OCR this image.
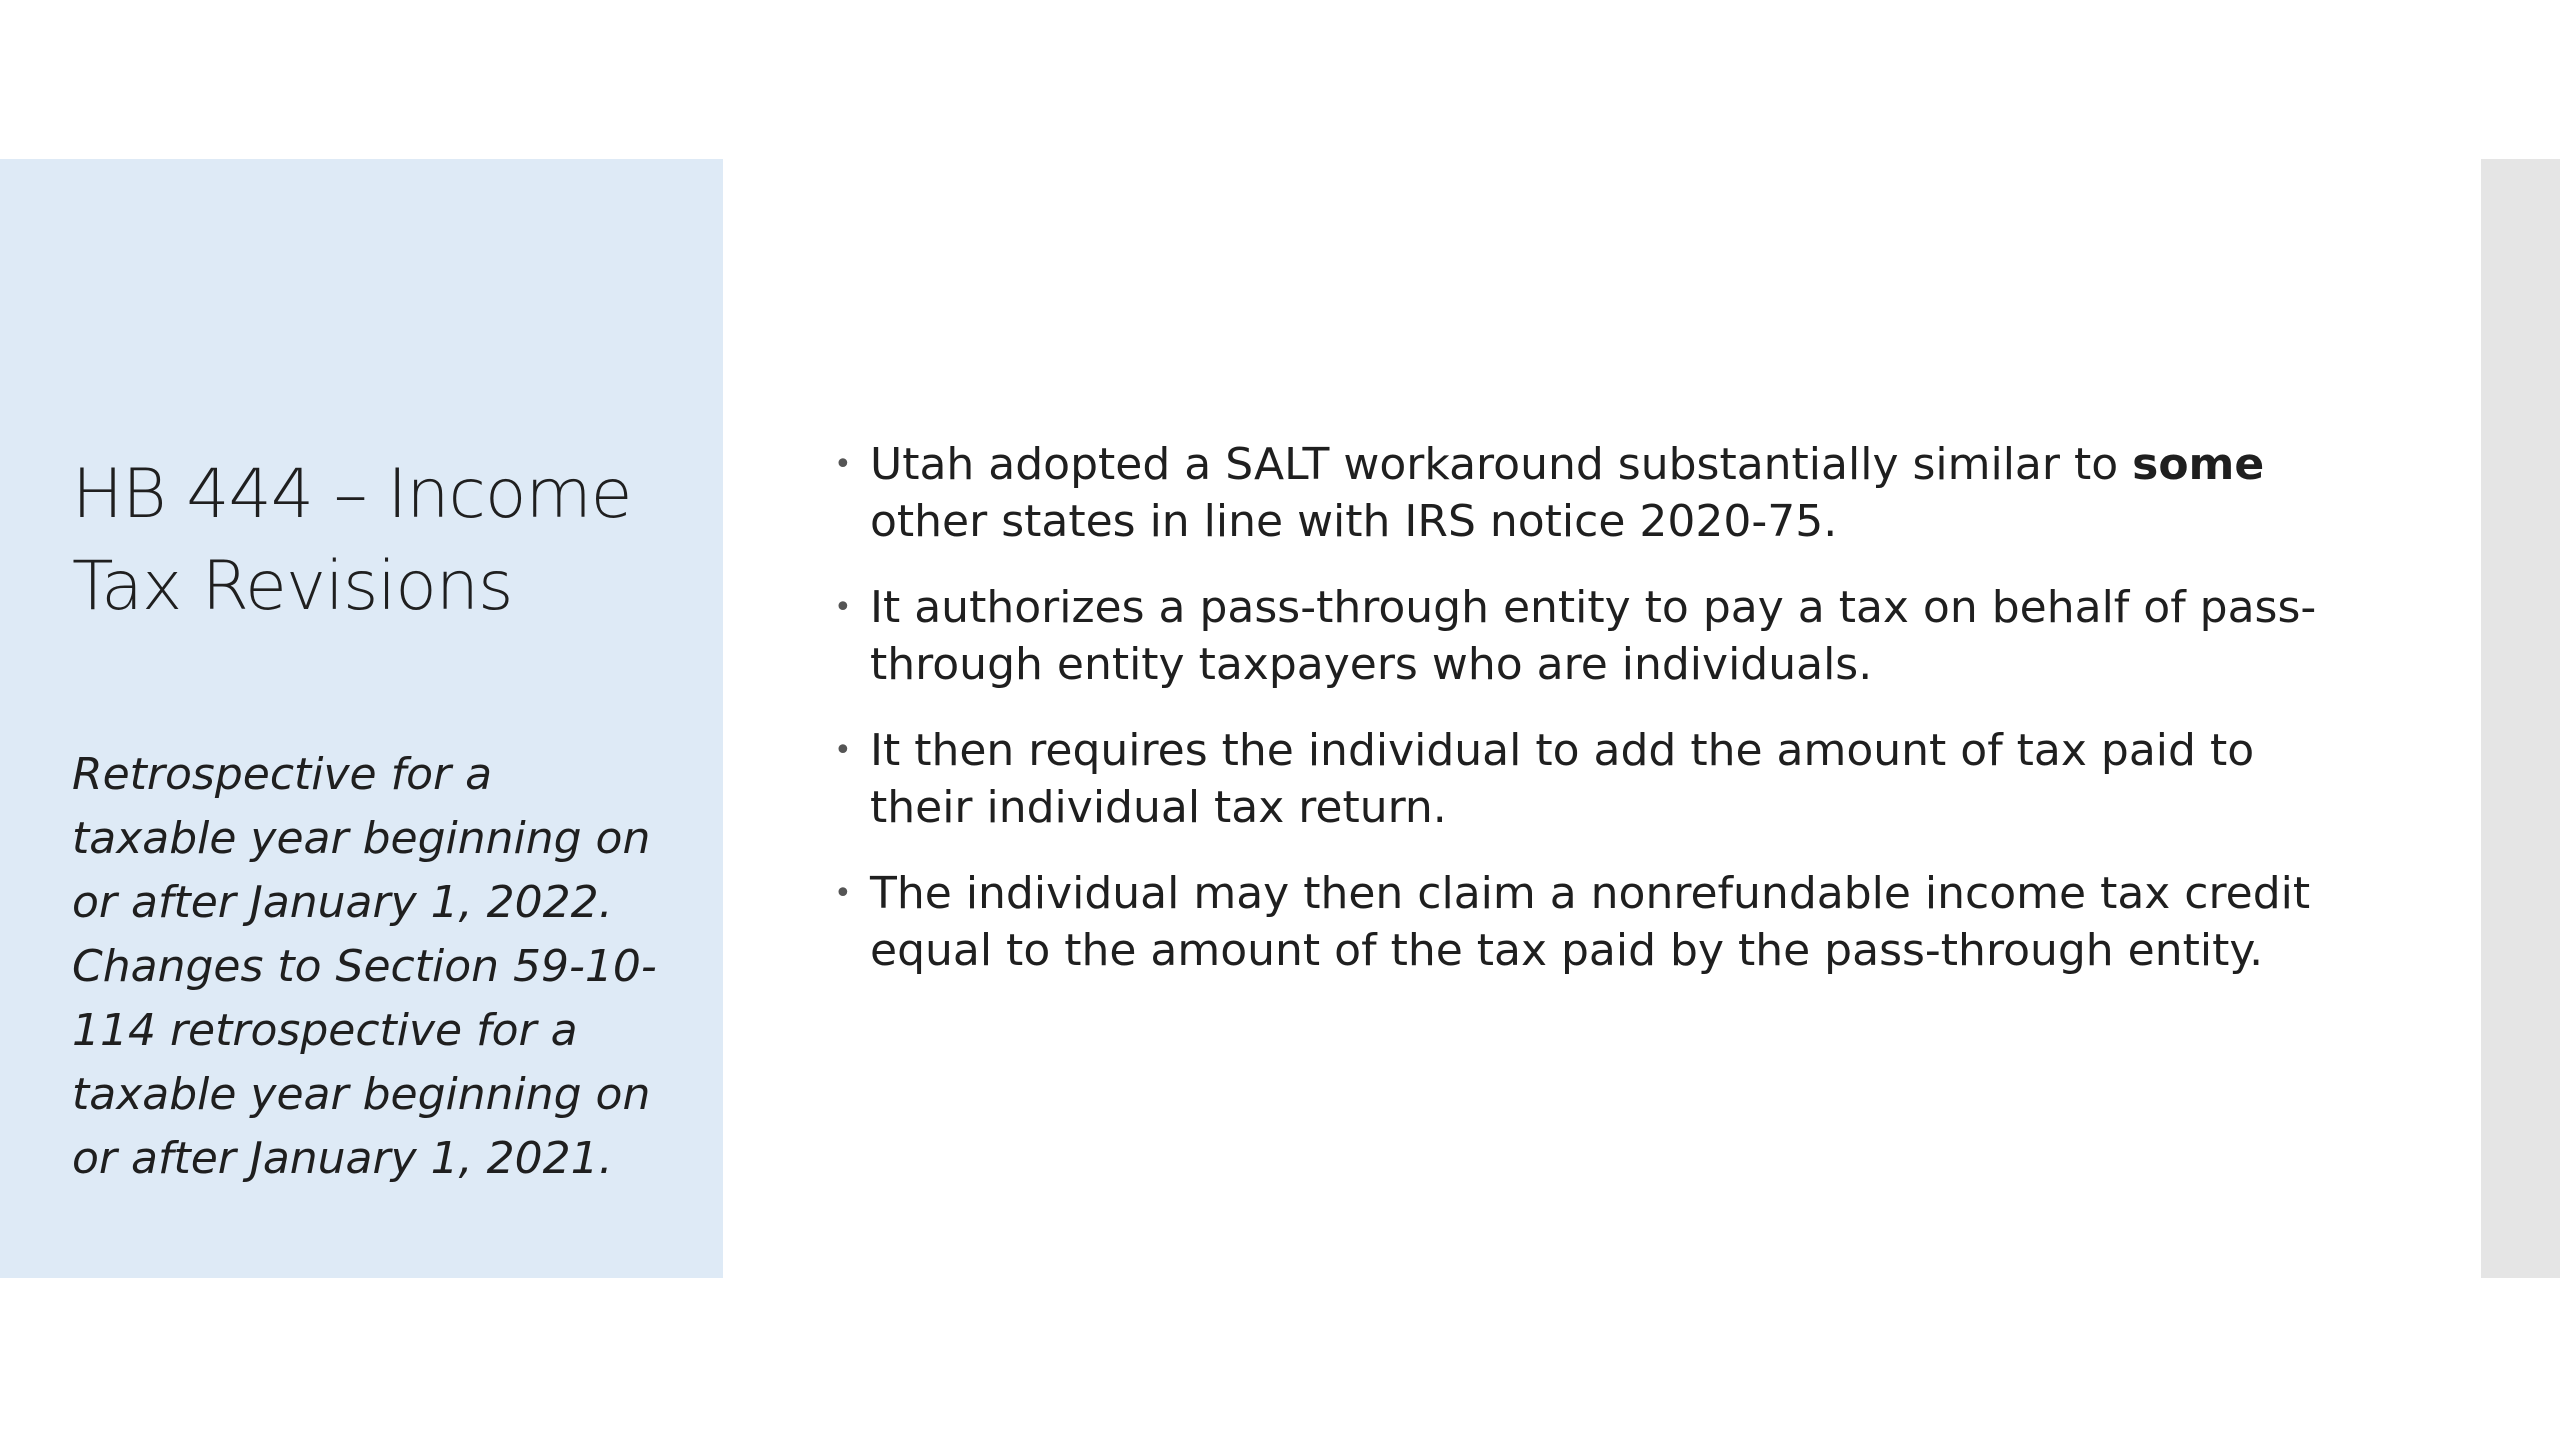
HB 444 – Income Tax Revisions

Retrospective for a taxable year beginning on or after January 1, 2022. Changes to Section 59-10-114 retrospective for a taxable year beginning on or after January 1, 2021.

• Utah adopted a SALT workaround substantially similar to some other states in line with IRS notice 2020-75.
• It authorizes a pass-through entity to pay a tax on behalf of pass-through entity taxpayers who are individuals.
• It then requires the individual to add the amount of tax paid to their individual tax return.
• The individual may then claim a nonrefundable income tax credit equal to the amount of the tax paid by the pass-through entity.
